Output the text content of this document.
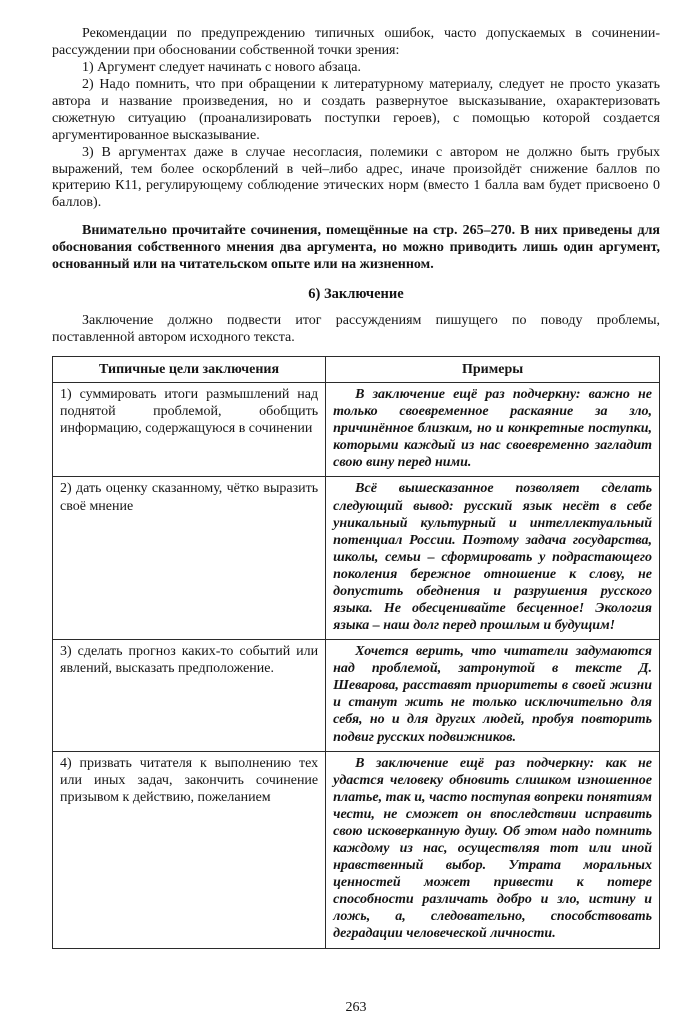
Рекомендации по предупреждению типичных ошибок, часто допускаемых в сочинении-рассуждении при обосновании собственной точки зрения:

1) Аргумент следует начинать с нового абзаца.

2) Надо помнить, что при обращении к литературному материалу, следует не просто указать автора и название произведения, но и создать развернутое высказывание, охарактеризовать сюжетную ситуацию (проанализировать поступки героев), с помощью которой создается аргументированное высказывание.

3) В аргументах даже в случае несогласия, полемики с автором не должно быть грубых выражений, тем более оскорблений в чей–либо адрес, иначе произойдёт снижение баллов по критерию К11, регулирующему соблюдение этических норм (вместо 1 балла вам будет присвоено 0 баллов).

Внимательно прочитайте сочинения, помещённые на стр. 265–270. В них приведены для обоснования собственного мнения два аргумента, но можно приводить лишь один аргумент, основанный или на читательском опыте или на жизненном.

6) Заключение

Заключение должно подвести итог рассуждениям пишущего по поводу проблемы, поставленной автором исходного текста.

Типичные цели заключения	Примеры
1) суммировать итоги размышлений над поднятой проблемой, обобщить информацию, содержащуюся в сочинении	В заключение ещё раз подчеркну: важно не только своевременное раскаяние за зло, причинённое близким, но и конкретные поступки, которыми каждый из нас своевременно загладит свою вину перед ними.
2) дать оценку сказанному, чётко выразить своё мнение	Всё вышесказанное позволяет сделать следующий вывод: русский язык несёт в себе уникальный культурный и интеллектуальный потенциал России. Поэтому задача государства, школы, семьи – сформировать у подрастающего поколения бережное отношение к слову, не допустить обеднения и разрушения русского языка. Не обесценивайте бесценное! Экология языка – наш долг перед прошлым и будущим!
3) сделать прогноз каких-то событий или явлений, высказать предположение.	Хочется верить, что читатели задумаются над проблемой, затронутой в тексте Д. Шеварова, расставят приоритеты в своей жизни и станут жить не только исключительно для себя, но и для других людей, пробуя повторить подвиг русских подвижников.
4) призвать читателя к выполнению тех или иных задач, закончить сочинение призывом к действию, пожеланием	В заключение ещё раз подчеркну: как не удастся человеку обновить слишком изношенное платье, так и, часто поступая вопреки понятиям чести, не сможет он впоследствии исправить свою исковерканную душу. Об этом надо помнить каждому из нас, осуществляя тот или иной нравственный выбор. Утрата моральных ценностей может привести к потере способности различать добро и зло, истину и ложь, а, следовательно, способствовать деградации человеческой личности.
263
